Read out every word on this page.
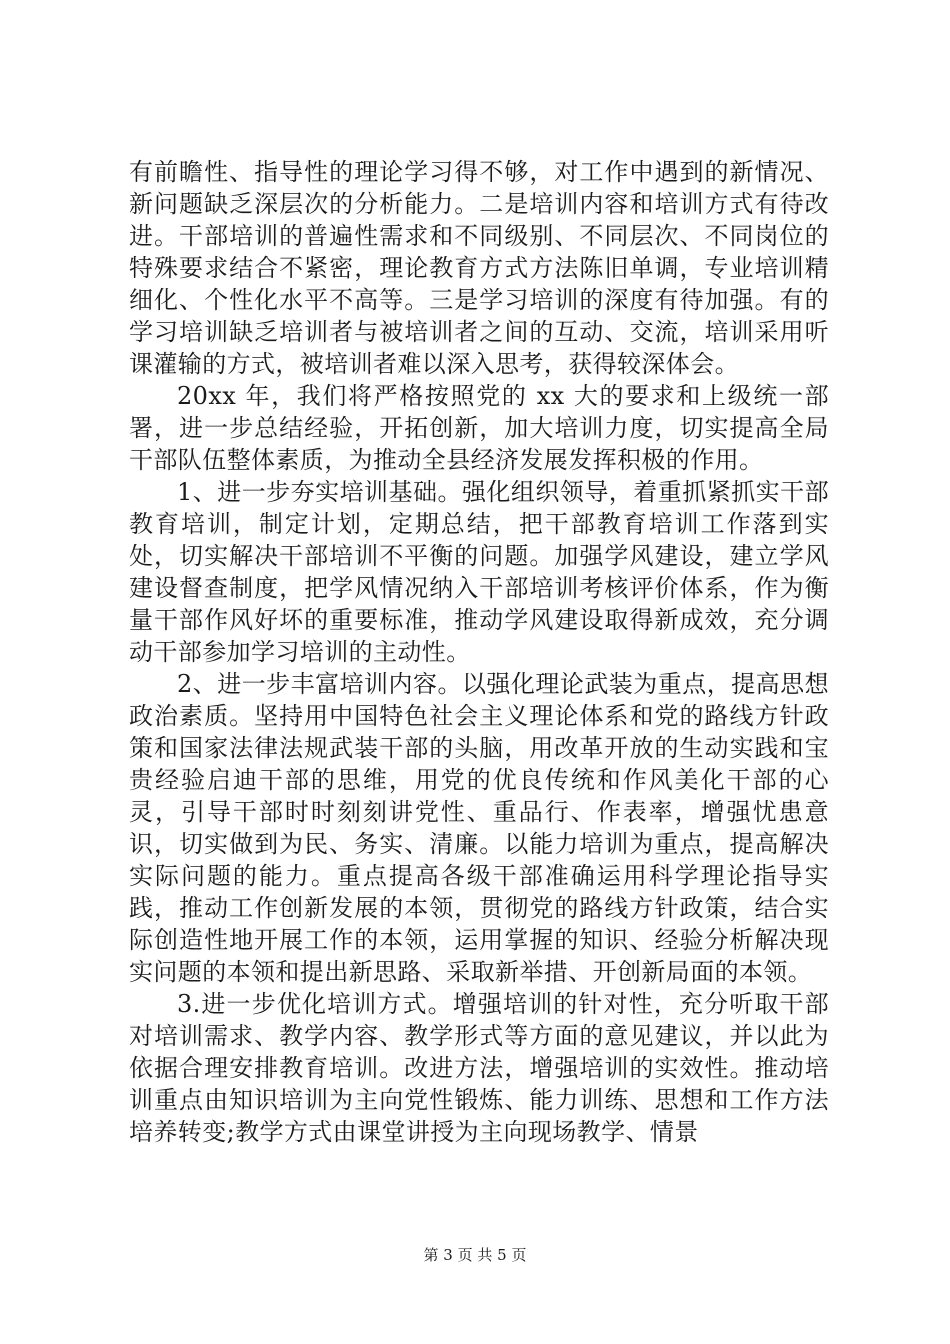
有前瞻性、指导性的理论学习得不够，对工作中遇到的新情况、新问题缺乏深层次的分析能力。二是培训内容和培训方式有待改进。干部培训的普遍性需求和不同级别、不同层次、不同岗位的特殊要求结合不紧密，理论教育方式方法陈旧单调，专业培训精细化、个性化水平不高等。三是学习培训的深度有待加强。有的学习培训缺乏培训者与被培训者之间的互动、交流，培训采用听课灌输的方式，被培训者难以深入思考，获得较深体会。

20xx 年，我们将严格按照党的 xx 大的要求和上级统一部署，进一步总结经验，开拓创新，加大培训力度，切实提高全局干部队伍整体素质，为推动全县经济发展发挥积极的作用。

1、进一步夯实培训基础。强化组织领导，着重抓紧抓实干部教育培训，制定计划，定期总结，把干部教育培训工作落到实处，切实解决干部培训不平衡的问题。加强学风建设，建立学风建设督查制度，把学风情况纳入干部培训考核评价体系，作为衡量干部作风好坏的重要标准，推动学风建设取得新成效，充分调动干部参加学习培训的主动性。

2、进一步丰富培训内容。以强化理论武装为重点，提高思想政治素质。坚持用中国特色社会主义理论体系和党的路线方针政策和国家法律法规武装干部的头脑，用改革开放的生动实践和宝贵经验启迪干部的思维，用党的优良传统和作风美化干部的心灵，引导干部时时刻刻讲党性、重品行、作表率，增强忧患意识，切实做到为民、务实、清廉。以能力培训为重点，提高解决实际问题的能力。重点提高各级干部准确运用科学理论指导实践，推动工作创新发展的本领，贯彻党的路线方针政策，结合实际创造性地开展工作的本领，运用掌握的知识、经验分析解决现实问题的本领和提出新思路、采取新举措、开创新局面的本领。

3.进一步优化培训方式。增强培训的针对性，充分听取干部对培训需求、教学内容、教学形式等方面的意见建议，并以此为依据合理安排教育培训。改进方法，增强培训的实效性。推动培训重点由知识培训为主向党性锻炼、能力训练、思想和工作方法培养转变;教学方式由课堂讲授为主向现场教学、情景

第 3 页 共 5 页
